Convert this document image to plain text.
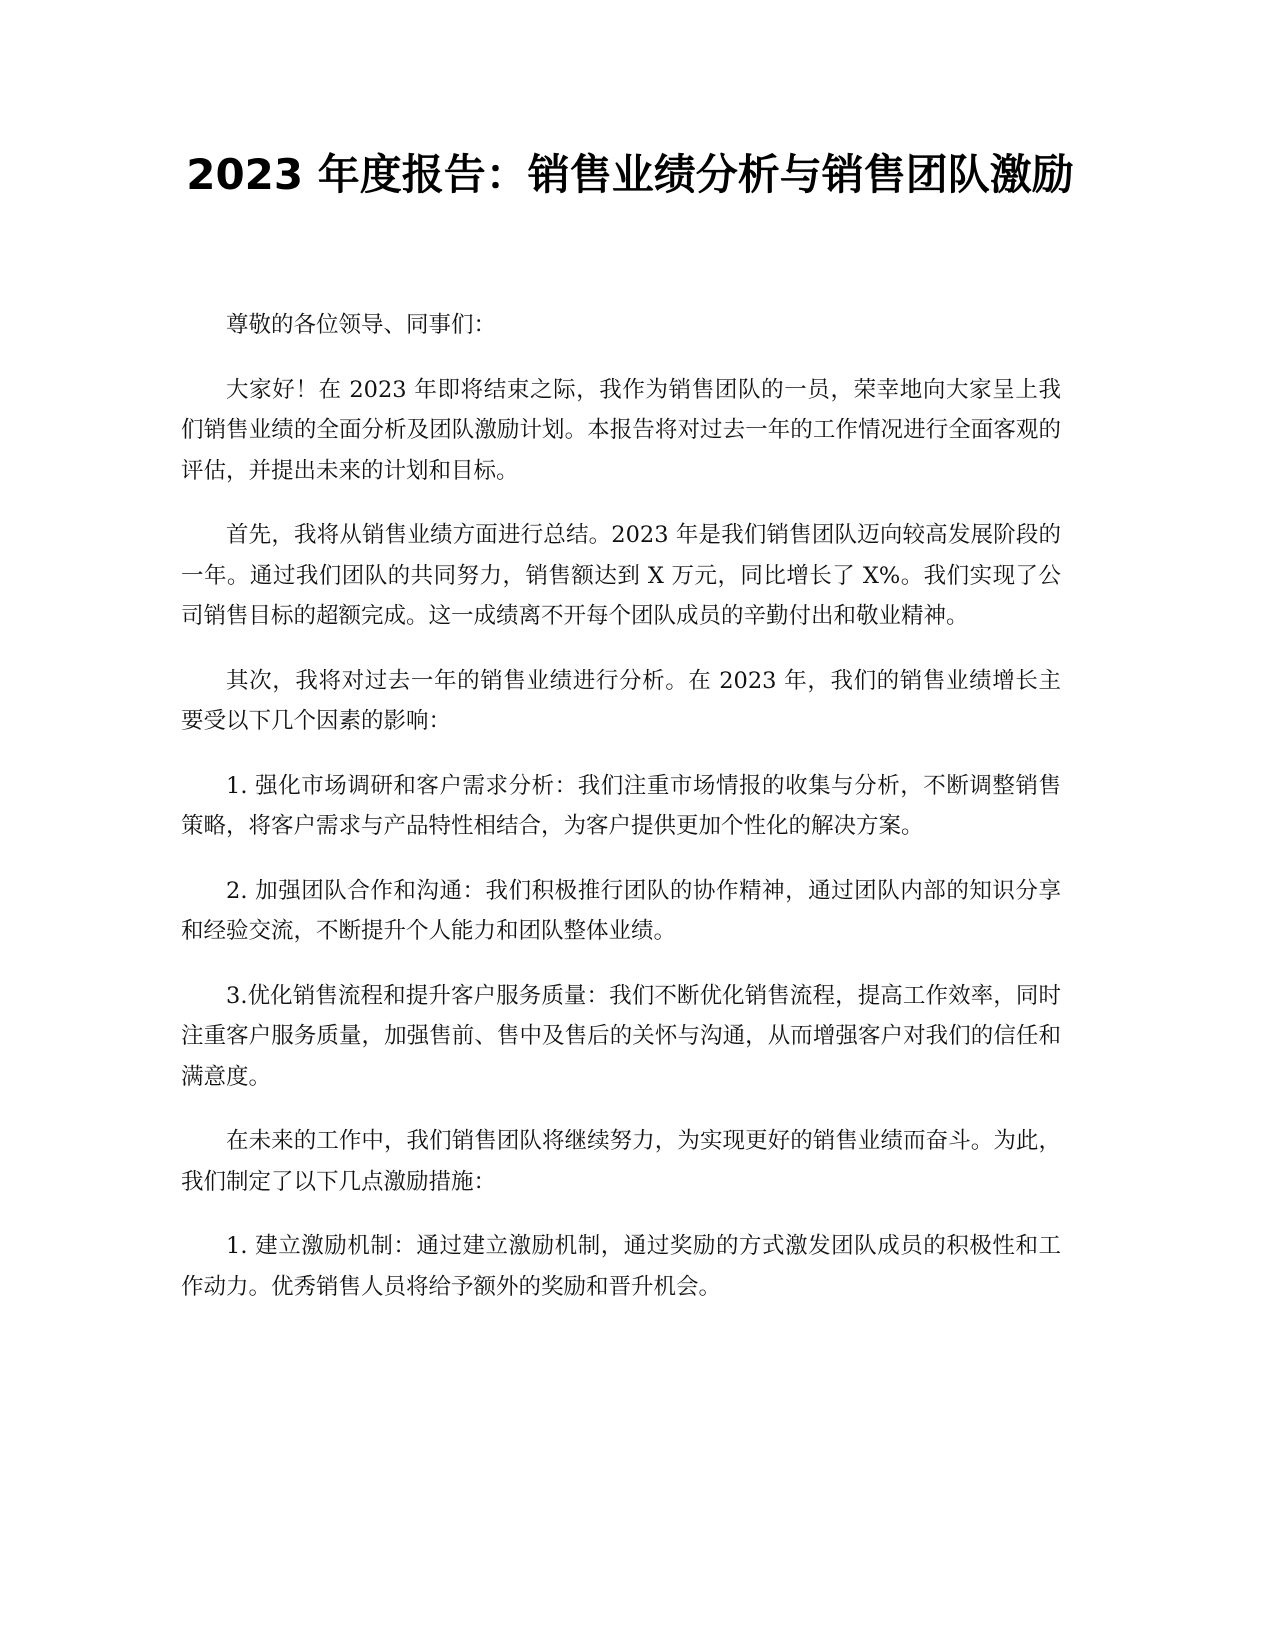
2023 年度报告：销售业绩分析与销售团队激励

尊敬的各位领导、同事们：

大家好！在 2023 年即将结束之际，我作为销售团队的一员，荣幸地向大家呈上我们销售业绩的全面分析及团队激励计划。本报告将对过去一年的工作情况进行全面客观的评估，并提出未来的计划和目标。

首先，我将从销售业绩方面进行总结。2023 年是我们销售团队迈向较高发展阶段的一年。通过我们团队的共同努力，销售额达到 X 万元，同比增长了 X%。我们实现了公司销售目标的超额完成。这一成绩离不开每个团队成员的辛勤付出和敬业精神。

其次，我将对过去一年的销售业绩进行分析。在 2023 年，我们的销售业绩增长主要受以下几个因素的影响：

1. 强化市场调研和客户需求分析：我们注重市场情报的收集与分析，不断调整销售策略，将客户需求与产品特性相结合，为客户提供更加个性化的解决方案。

2. 加强团队合作和沟通：我们积极推行团队的协作精神，通过团队内部的知识分享和经验交流，不断提升个人能力和团队整体业绩。

3.优化销售流程和提升客户服务质量：我们不断优化销售流程，提高工作效率，同时注重客户服务质量，加强售前、售中及售后的关怀与沟通，从而增强客户对我们的信任和满意度。

在未来的工作中，我们销售团队将继续努力，为实现更好的销售业绩而奋斗。为此，我们制定了以下几点激励措施：

1. 建立激励机制：通过建立激励机制，通过奖励的方式激发团队成员的积极性和工作动力。优秀销售人员将给予额外的奖励和晋升机会。
